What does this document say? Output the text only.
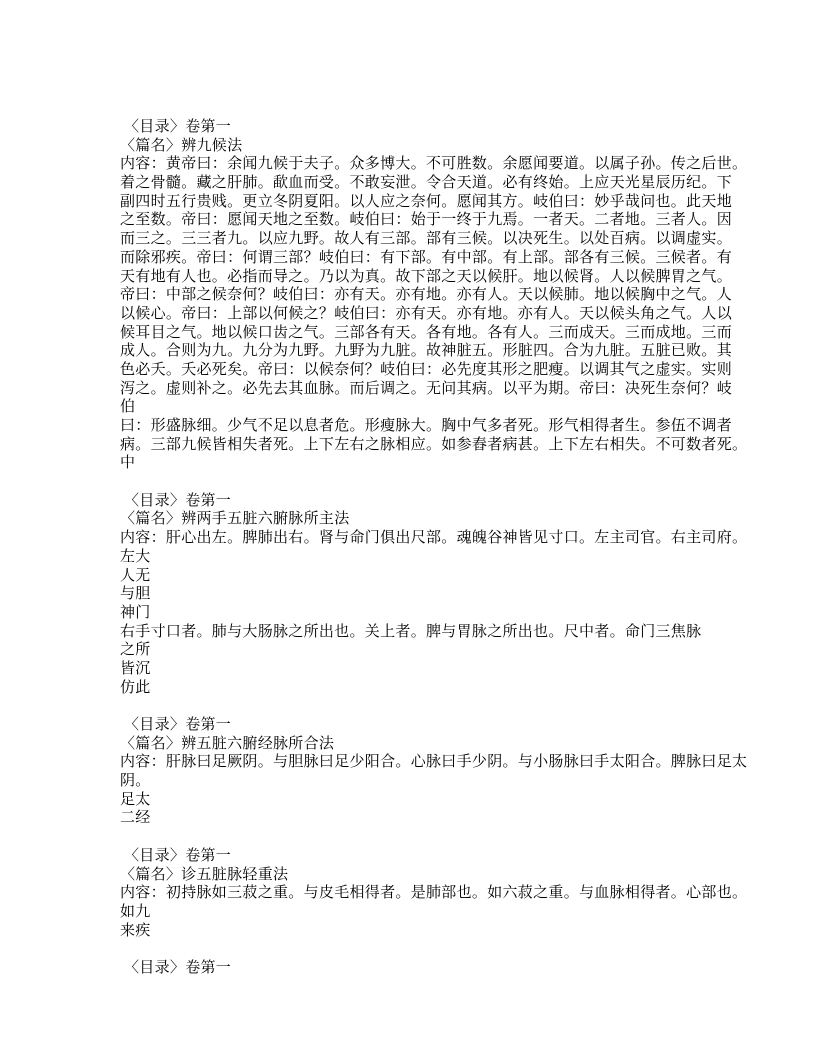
〈目录〉卷第一
〈篇名〉辨九候法
内容：黄帝曰：余闻九候于夫子。众多博大。不可胜数。余愿闻要道。以属子孙。传之后世。
着之骨髓。藏之肝肺。歃血而受。不敢妄泄。令合天道。必有终始。上应天光星辰历纪。下
副四时五行贵贱。更立冬阴夏阳。以人应之奈何。愿闻其方。岐伯曰：妙乎哉问也。此天地
之至数。帝曰：愿闻天地之至数。岐伯曰：始于一终于九焉。一者天。二者地。三者人。因
而三之。三三者九。以应九野。故人有三部。部有三候。以决死生。以处百病。以调虚实。
而除邪疾。帝曰：何谓三部？岐伯曰：有下部。有中部。有上部。部各有三候。三候者。有
天有地有人也。必指而导之。乃以为真。故下部之天以候肝。地以候肾。人以候脾胃之气。
帝曰：中部之候奈何？岐伯曰：亦有天。亦有地。亦有人。天以候肺。地以候胸中之气。人
以候心。帝曰：上部以何候之？岐伯曰：亦有天。亦有地。亦有人。天以候头角之气。人以
候耳目之气。地以候口齿之气。三部各有天。各有地。各有人。三而成天。三而成地。三而
成人。合则为九。九分为九野。九野为九脏。故神脏五。形脏四。合为九脏。五脏已败。其
色必夭。夭必死矣。帝曰：以候奈何？岐伯曰：必先度其形之肥瘦。以调其气之虚实。实则
泻之。虚则补之。必先去其血脉。而后调之。无问其病。以平为期。帝曰：决死生奈何？岐
伯
曰：形盛脉细。少气不足以息者危。形瘦脉大。胸中气多者死。形气相得者生。参伍不调者
病。三部九候皆相失者死。上下左右之脉相应。如参舂者病甚。上下左右相失。不可数者死。
中
〈目录〉卷第一
〈篇名〉辨两手五脏六腑脉所主法
内容：肝心出左。脾肺出右。肾与命门俱出尺部。魂魄谷神皆见寸口。左主司官。右主司府。
左大
人无
与胆
神门
右手寸口者。肺与大肠脉之所出也。关上者。脾与胃脉之所出也。尺中者。命门三焦脉
之所
皆沉
仿此
〈目录〉卷第一
〈篇名〉辨五脏六腑经脉所合法
内容：肝脉曰足厥阴。与胆脉曰足少阳合。心脉曰手少阴。与小肠脉曰手太阳合。脾脉曰足太
阴。
足太
二经
〈目录〉卷第一
〈篇名〉诊五脏脉轻重法
内容：初持脉如三菽之重。与皮毛相得者。是肺部也。如六菽之重。与血脉相得者。心部也。
如九
来疾
〈目录〉卷第一
